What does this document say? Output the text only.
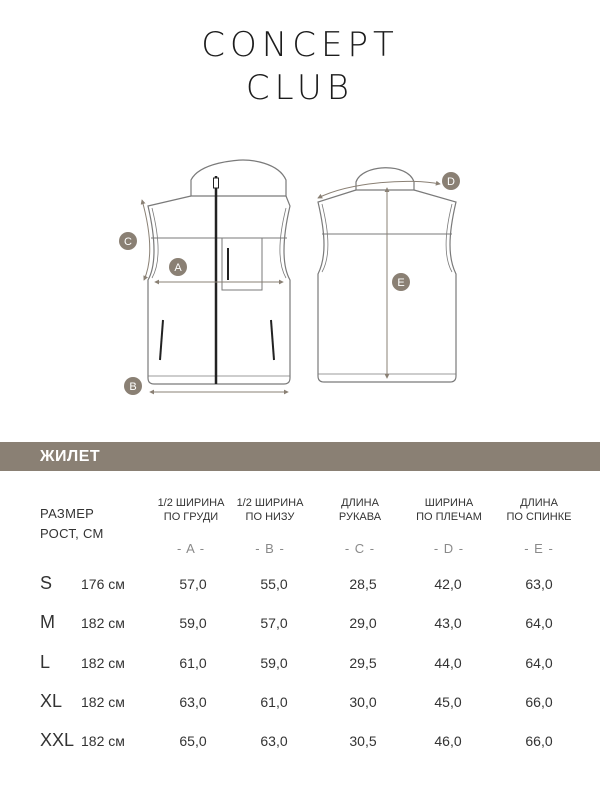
CONCEPT
CLUB
A
B
C
D
E
ЖИЛЕТ
РАЗМЕР
РОСТ, СМ
1/2 ШИРИНА
ПО ГРУДИ
1/2 ШИРИНА
ПО НИЗУ
ДЛИНА
РУКАВА
ШИРИНА
ПО ПЛЕЧАМ
ДЛИНА
ПО СПИНКЕ
- A -	- B -	- C -	- D -	- E -
S 176 см	57,0	55,0	28,5	42,0	63,0
M 182 см	59,0	57,0	29,0	43,0	64,0
L 182 см	61,0	59,0	29,5	44,0	64,0
XL 182 см	63,0	61,0	30,0	45,0	66,0
XXL 182 см	65,0	63,0	30,5	46,0	66,0
